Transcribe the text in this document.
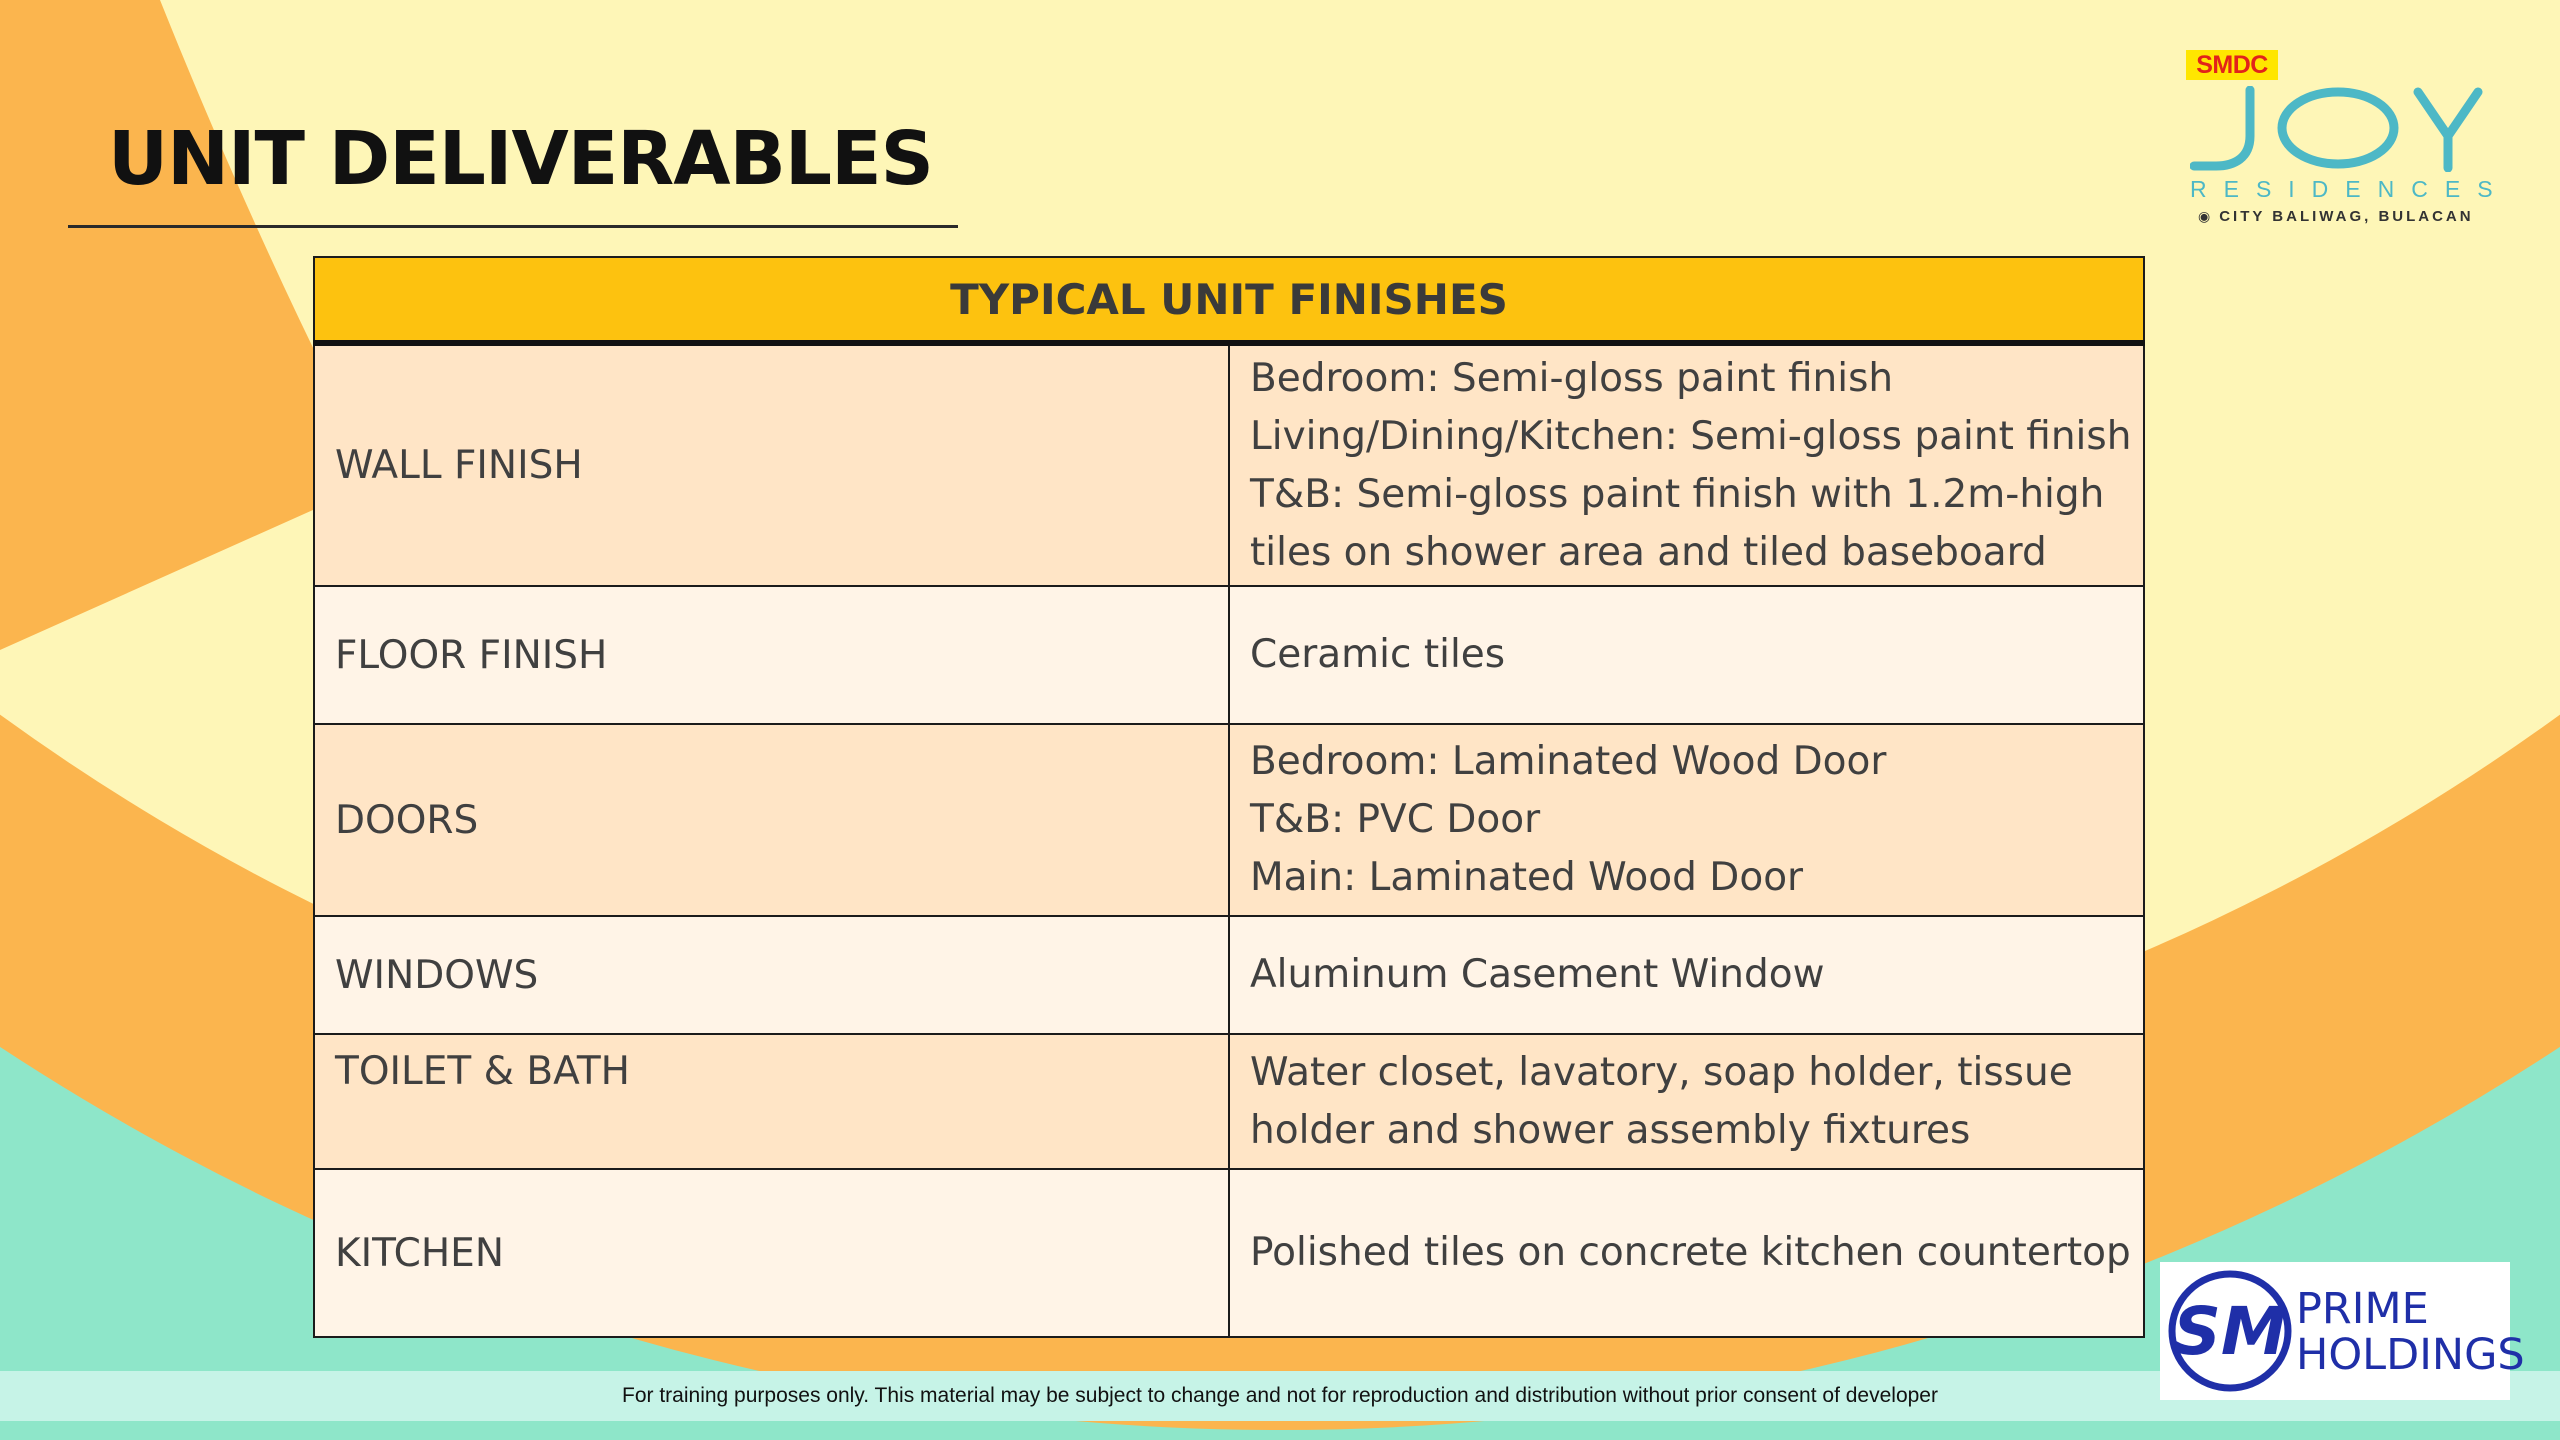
UNIT DELIVERABLES
SMDC
RESIDENCES
◉ CITY BALIWAG, BULACAN
TYPICAL UNIT FINISHES	
WALL FINISH	Bedroom: Semi-gloss paint finish
Living/Dining/Kitchen: Semi-gloss paint finish
T&B: Semi-gloss paint finish with 1.2m-high tiles on shower area and tiled baseboard

FLOOR FINISH	Ceramic tiles

DOORS	Bedroom: Laminated Wood Door
T&B: PVC Door
Main: Laminated Wood Door

WINDOWS	Aluminum Casement Window

TOILET & BATH	Water closet, lavatory, soap holder, tissue holder and shower assembly fixtures
KITCHEN	Polished tiles on concrete kitchen countertop
SM PRIME
HOLDINGS
For training purposes only. This material may be subject to change and not for reproduction and distribution without prior consent of developer
